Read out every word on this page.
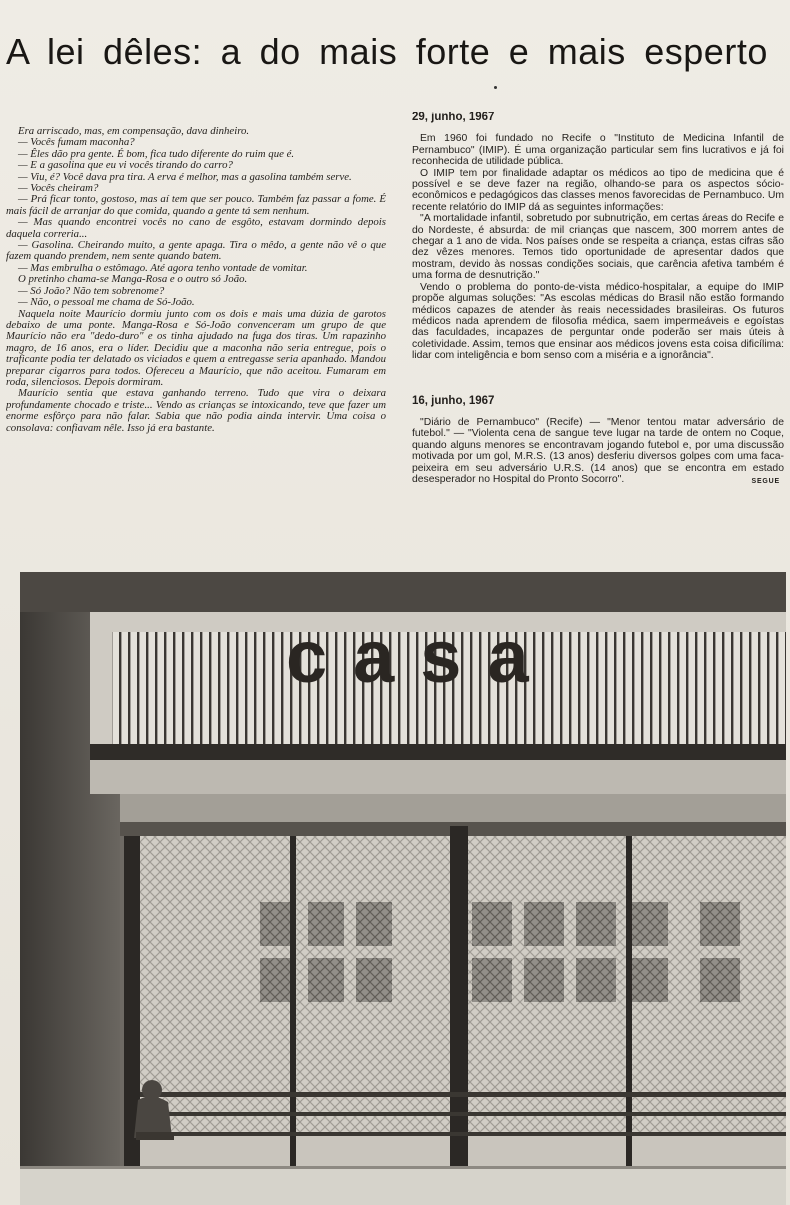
A lei dêles: a do mais forte e mais esperto

Era arriscado, mas, em compensação, dava dinheiro.

— Vocês fumam maconha?

— Êles dão pra gente. É bom, fica tudo diferente do ruim que é.

— E a gasolina que eu vi vocês tirando do carro?

— Viu, é? Você dava pra tira. A erva é melhor, mas a gasolina também serve.

— Vocês cheiram?

— Prá ficar tonto, gostoso, mas aí tem que ser pouco. Também faz passar a fome. É mais fácil de arranjar do que comida, quando a gente tá sem nenhum.

— Mas quando encontrei vocês no cano de esgôto, estavam dormindo depois daquela correria...

— Gasolina. Cheirando muito, a gente apaga. Tira o mêdo, a gente não vê o que fazem quando prendem, nem sente quando batem.

— Mas embrulha o estômago. Até agora tenho vontade de vomitar.

O pretinho chama-se Manga-Rosa e o outro só João.

— Só João? Não tem sobrenome?

— Não, o pessoal me chama de Só-João.

Naquela noite Maurício dormiu junto com os dois e mais uma dúzia de garotos debaixo de uma ponte. Manga-Rosa e Só-João convenceram um grupo de que Maurício não era "dedo-duro" e os tinha ajudado na fuga dos tiras. Um rapazinho magro, de 16 anos, era o líder. Decidiu que a maconha não seria entregue, pois o traficante podia ter delatado os viciados e quem a entregasse seria apanhado. Mandou preparar cigarros para todos. Ofereceu a Maurício, que não aceitou. Fumaram em roda, silenciosos. Depois dormiram.

Maurício sentia que estava ganhando terreno. Tudo que vira o deixara profundamente chocado e triste... Vendo as crianças se intoxicando, teve que fazer um enorme esfôrço para não falar. Sabia que não podia ainda intervir. Uma coisa o consolava: confiavam nêle. Isso já era bastante.

29, junho, 1967

Em 1960 foi fundado no Recife o "Instituto de Medicina Infantil de Pernambuco" (IMIP). É uma organização particular sem fins lucrativos e já foi reconhecida de utilidade pública.

O IMIP tem por finalidade adaptar os médicos ao tipo de medicina que é possível e se deve fazer na região, olhando-se para os aspectos sócio-econômicos e pedagógicos das classes menos favorecidas de Pernambuco. Um recente relatório do IMIP dá as seguintes informações:

"A mortalidade infantil, sobretudo por subnutrição, em certas áreas do Recife e do Nordeste, é absurda: de mil crianças que nascem, 300 morrem antes de chegar a 1 ano de vida. Nos países onde se respeita a criança, estas cifras são dez vêzes menores. Temos tido oportunidade de apresentar dados que mostram, devido às nossas condições sociais, que carência afetiva também é uma forma de desnutrição."

Vendo o problema do ponto-de-vista médico-hospitalar, a equipe do IMIP propõe algumas soluções: "As escolas médicas do Brasil não estão formando médicos capazes de atender às reais necessidades brasileiras. Os futuros médicos nada aprendem de filosofia médica, saem impermeáveis e egoístas das faculdades, incapazes de perguntar onde poderão ser mais úteis à coletividade. Assim, temos que ensinar aos médicos jovens esta coisa dificílima: lidar com inteligência e bom senso com a miséria e a ignorância".

16, junho, 1967

"Diário de Pernambuco" (Recife) — "Menor tentou matar adversário de futebol." — "Violenta cena de sangue teve lugar na tarde de ontem no Coque, quando alguns menores se encontravam jogando futebol e, por uma discussão motivada por um gol, M.R.S. (13 anos) desferiu diversos golpes com uma faca-peixeira em seu adversário U.R.S. (14 anos) que se encontra em estado desesperador no Hospital do Pronto Socorro".	SEGUE
casa
